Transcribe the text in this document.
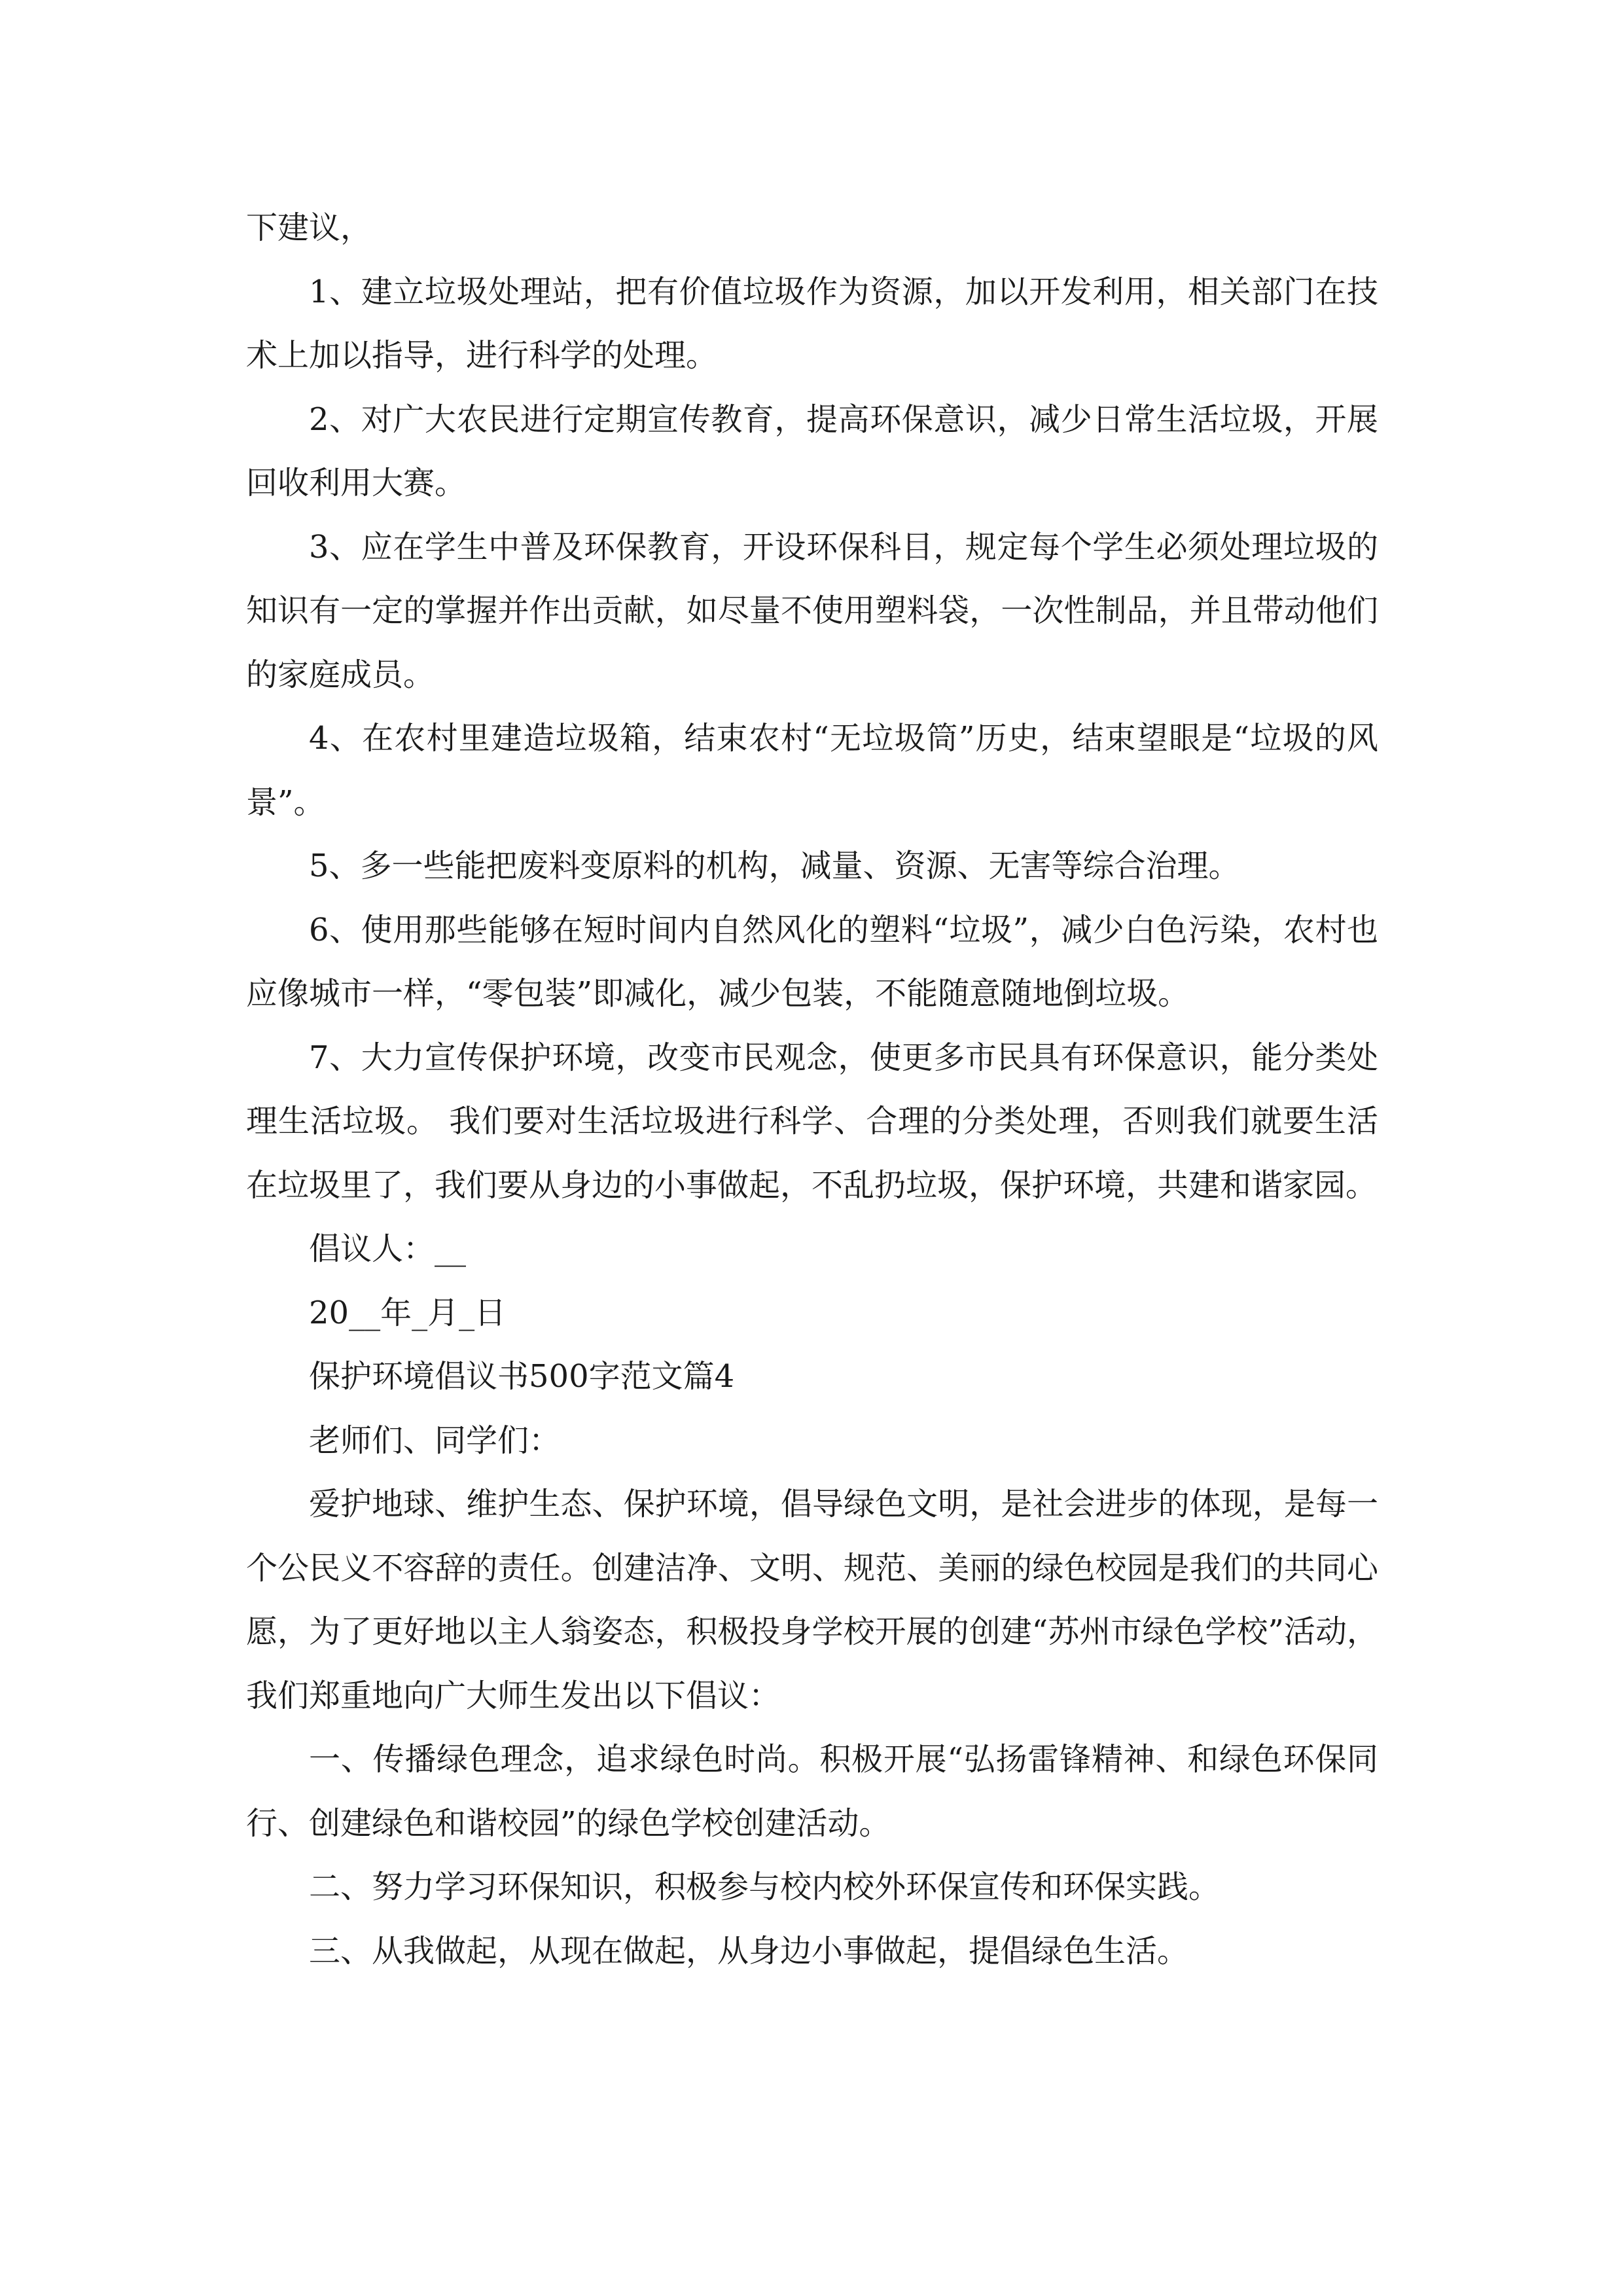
下建议，

1、建立垃圾处理站，把有价值垃圾作为资源，加以开发利用，相关部门在技术上加以指导，进行科学的处理。

2、对广大农民进行定期宣传教育，提高环保意识，减少日常生活垃圾，开展回收利用大赛。

3、应在学生中普及环保教育，开设环保科目，规定每个学生必须处理垃圾的知识有一定的掌握并作出贡献，如尽量不使用塑料袋，一次性制品，并且带动他们的家庭成员。

4、在农村里建造垃圾箱，结束农村“无垃圾筒”历史，结束望眼是“垃圾的风景”。

5、多一些能把废料变原料的机构，减量、资源、无害等综合治理。

6、使用那些能够在短时间内自然风化的塑料“垃圾”，减少白色污染，农村也应像城市一样，“零包装”即减化，减少包装，不能随意随地倒垃圾。

7、大力宣传保护环境，改变市民观念，使更多市民具有环保意识，能分类处理生活垃圾。 我们要对生活垃圾进行科学、合理的分类处理，否则我们就要生活在垃圾里了，我们要从身边的小事做起，不乱扔垃圾，保护环境，共建和谐家园。

倡议人：__

20__年_月_日

保护环境倡议书500字范文篇4

老师们、同学们：

爱护地球、维护生态、保护环境，倡导绿色文明，是社会进步的体现，是每一个公民义不容辞的责任。创建洁净、文明、规范、美丽的绿色校园是我们的共同心愿，为了更好地以主人翁姿态，积极投身学校开展的创建“苏州市绿色学校”活动，我们郑重地向广大师生发出以下倡议：

一、传播绿色理念，追求绿色时尚。积极开展“弘扬雷锋精神、和绿色环保同行、创建绿色和谐校园”的绿色学校创建活动。

二、努力学习环保知识，积极参与校内校外环保宣传和环保实践。

三、从我做起，从现在做起，从身边小事做起，提倡绿色生活。
